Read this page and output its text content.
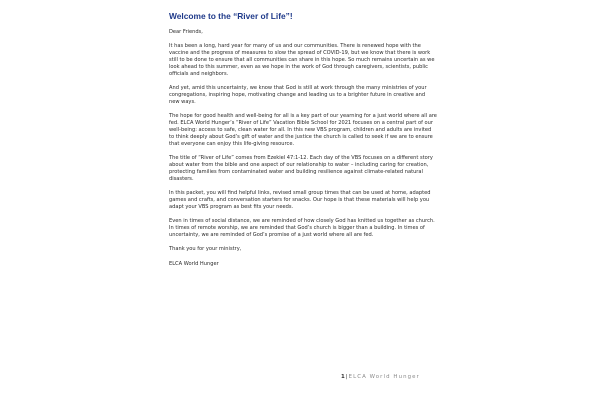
Welcome to the “River of Life”!

Dear Friends,

It has been a long, hard year for many of us and our communities. There is renewed hope with the vaccine and the progress of measures to slow the spread of COVID-19, but we know that there is work still to be done to ensure that all communities can share in this hope. So much remains uncertain as we look ahead to this summer, even as we hope in the work of God through caregivers, scientists, public officials and neighbors.

And yet, amid this uncertainty, we know that God is still at work through the many ministries of your congregations, inspiring hope, motivating change and leading us to a brighter future in creative and new ways.

The hope for good health and well-being for all is a key part of our yearning for a just world where all are fed. ELCA World Hunger’s “River of Life” Vacation Bible School for 2021 focuses on a central part of our well-being: access to safe, clean water for all. In this new VBS program, children and adults are invited to think deeply about God’s gift of water and the justice the church is called to seek if we are to ensure that everyone can enjoy this life-giving resource.

The title of “River of Life” comes from Ezekiel 47:1-12. Each day of the VBS focuses on a different story about water from the bible and one aspect of our relationship to water – including caring for creation, protecting families from contaminated water and building resilience against climate-related natural disasters.

In this packet, you will find helpful links, revised small group times that can be used at home, adapted games and crafts, and conversation starters for snacks. Our hope is that these materials will help you adapt your VBS program as best fits your needs.

Even in times of social distance, we are reminded of how closely God has knitted us together as church. In times of remote worship, we are reminded that God’s church is bigger than a building. In times of uncertainty, we are reminded of God’s promise of a just world where all are fed.

Thank you for your ministry,

ELCA World Hunger

1|ELCA World Hunger
